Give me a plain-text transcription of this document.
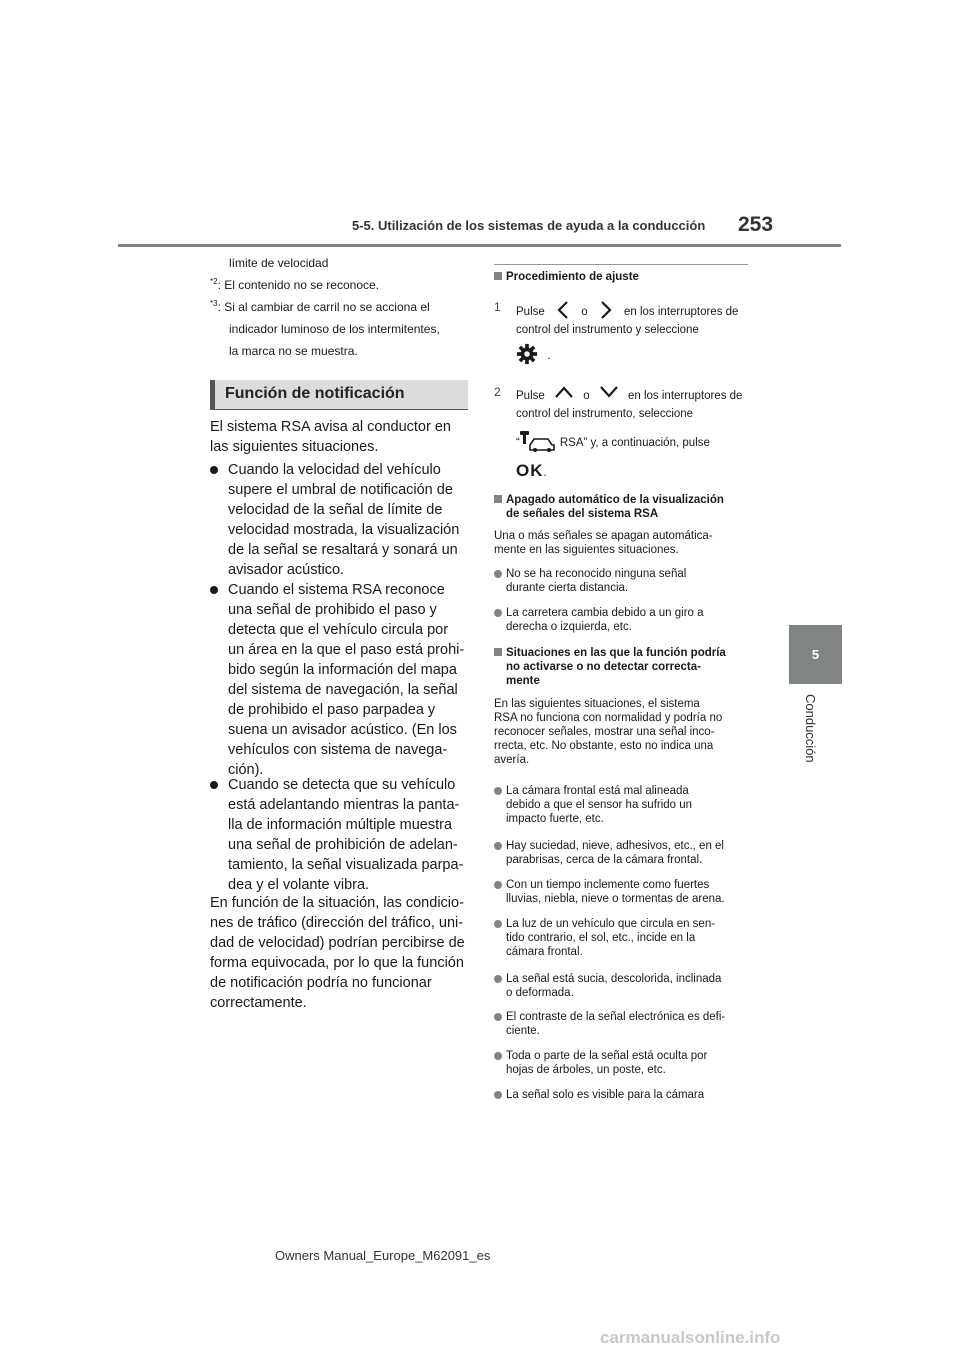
5-5. Utilización de los sistemas de ayuda a la conducción 253
5
Conducción
límite de velocidad
$^{*2}$: El contenido no se reconoce.
$^{*3}$: Si al cambiar de carril no se acciona el
indicador luminoso de los intermitentes,
la marca no se muestra.
Función de notificación
El sistema RSA avisa al conductor en
las siguientes situaciones.
Cuando la velocidad del vehículo
supere el umbral de notificación de
velocidad de la señal de límite de
velocidad mostrada, la visualización
de la señal se resaltará y sonará un
avisador acústico.
Cuando el sistema RSA reconoce
una señal de prohibido el paso y
detecta que el vehículo circula por
un área en la que el paso está prohi-
bido según la información del mapa
del sistema de navegación, la señal
de prohibido el paso parpadea y
suena un avisador acústico. (En los
vehículos con sistema de navega-
ción).
Cuando se detecta que su vehículo
está adelantando mientras la panta-
lla de información múltiple muestra
una señal de prohibición de adelan-
tamiento, la señal visualizada parpa-
dea y el volante vibra.
En función de la situación, las condicio-
nes de tráfico (dirección del tráfico, uni-
dad de velocidad) podrían percibirse de
forma equivocada, por lo que la función
de notificación podría no funcionar
correctamente.
Procedimiento de ajuste
1 Pulse	o	en los interruptores de
control del instrumento y seleccione
.
2 Pulse	o	en los interruptores de
control del instrumento, seleccione
“	RSA” y, a continuación, pulse
OK.
Apagado automático de la visualización
de señales del sistema RSA
Una o más señales se apagan automática-
mente en las siguientes situaciones.
No se ha reconocido ninguna señal
durante cierta distancia.
La carretera cambia debido a un giro a
derecha o izquierda, etc.
Situaciones en las que la función podría
no activarse o no detectar correcta-
mente
En las siguientes situaciones, el sistema
RSA no funciona con normalidad y podría no
reconocer señales, mostrar una señal inco-
rrecta, etc. No obstante, esto no indica una
avería.
La cámara frontal está mal alineada
debido a que el sensor ha sufrido un
impacto fuerte, etc.
Hay suciedad, nieve, adhesivos, etc., en el
parabrisas, cerca de la cámara frontal.
Con un tiempo inclemente como fuertes
lluvias, niebla, nieve o tormentas de arena.
La luz de un vehículo que circula en sen-
tido contrario, el sol, etc., incide en la
cámara frontal.
La señal está sucia, descolorida, inclinada
o deformada.
El contraste de la señal electrónica es defi-
ciente.
Toda o parte de la señal está oculta por
hojas de árboles, un poste, etc.
La señal solo es visible para la cámara
Owners Manual_Europe_M62091_es
carmanualsonline.info
